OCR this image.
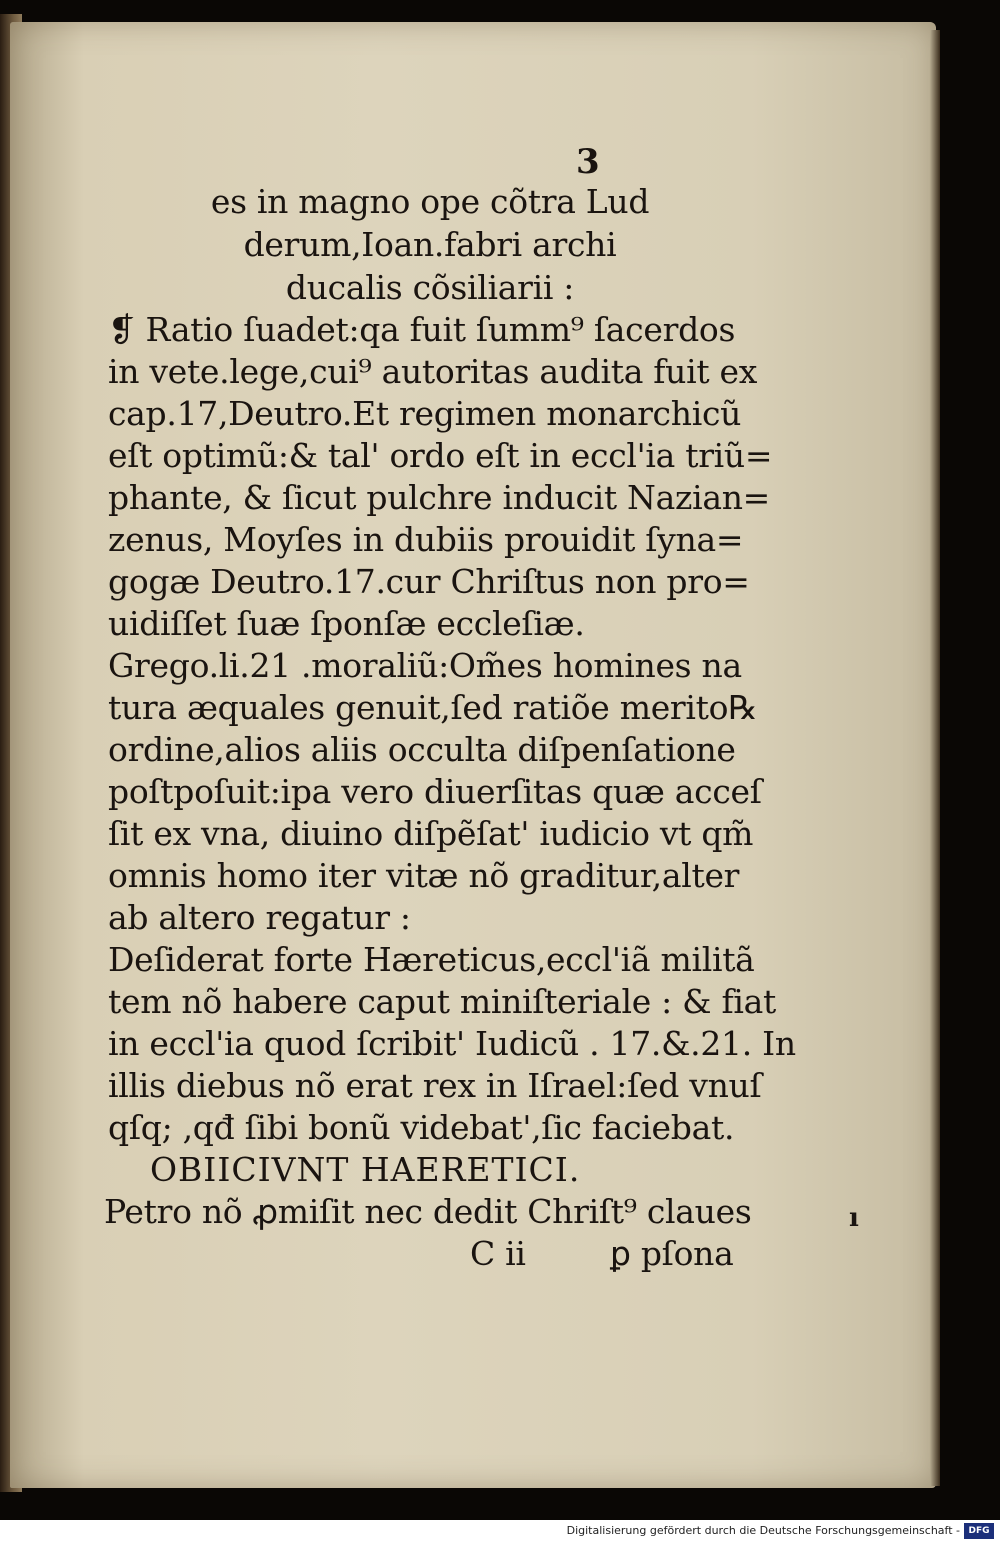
3
es in magno ope cõtra Lud
derum,Ioan.fabri archi
ducalis cõsiliarii :
❡ Ratio ſuadet:qa fuit ſumm⁹ ſacerdos
in vete.lege,cui⁹ autoritas audita fuit ex
cap.17,Deutro.Et regimen monarchicũ
eſt optimũ:& tal' ordo eſt in eccl'ia triũ=
phante, & ſicut pulchre inducit Nazian=
zenus, Moyſes in dubiis prouidit ſyna=
gogæ Deutro.17.cur Chriſtus non pro=
uidiſſet ſuæ ſponſæ eccleſiæ.
Grego.li.21 .moraliũ:Om̃es homines na
tura æquales genuit,ſed ratiõe merito℞
ordine,alios aliis occulta diſpenſatione
poſtpoſuit:ipa vero diuerſitas quæ acceſ
ſit ex vna, diuino diſpẽſat' iudicio vt qm̃
omnis homo iter vitæ nõ graditur,alter
ab altero regatur :
Deſiderat forte Hæreticus,eccl'iã militã
tem nõ habere caput miniſteriale : & fiat
in eccl'ia quod ſcribit' Iudicũ . 17.&.21. In
illis diebus nõ erat rex in Iſrael:ſed vnuſ
qſq; ,qđ ſibi bonũ videbat',ſic faciebat.
OBIICIVNT HAERETICI.
Petro nõ ꝓmiſit nec dedit Chriſt⁹ claues	ı
C ii	ꝑ pſona
Digitalisierung gefördert durch die Deutsche Forschungsgemeinschaft - DFG
